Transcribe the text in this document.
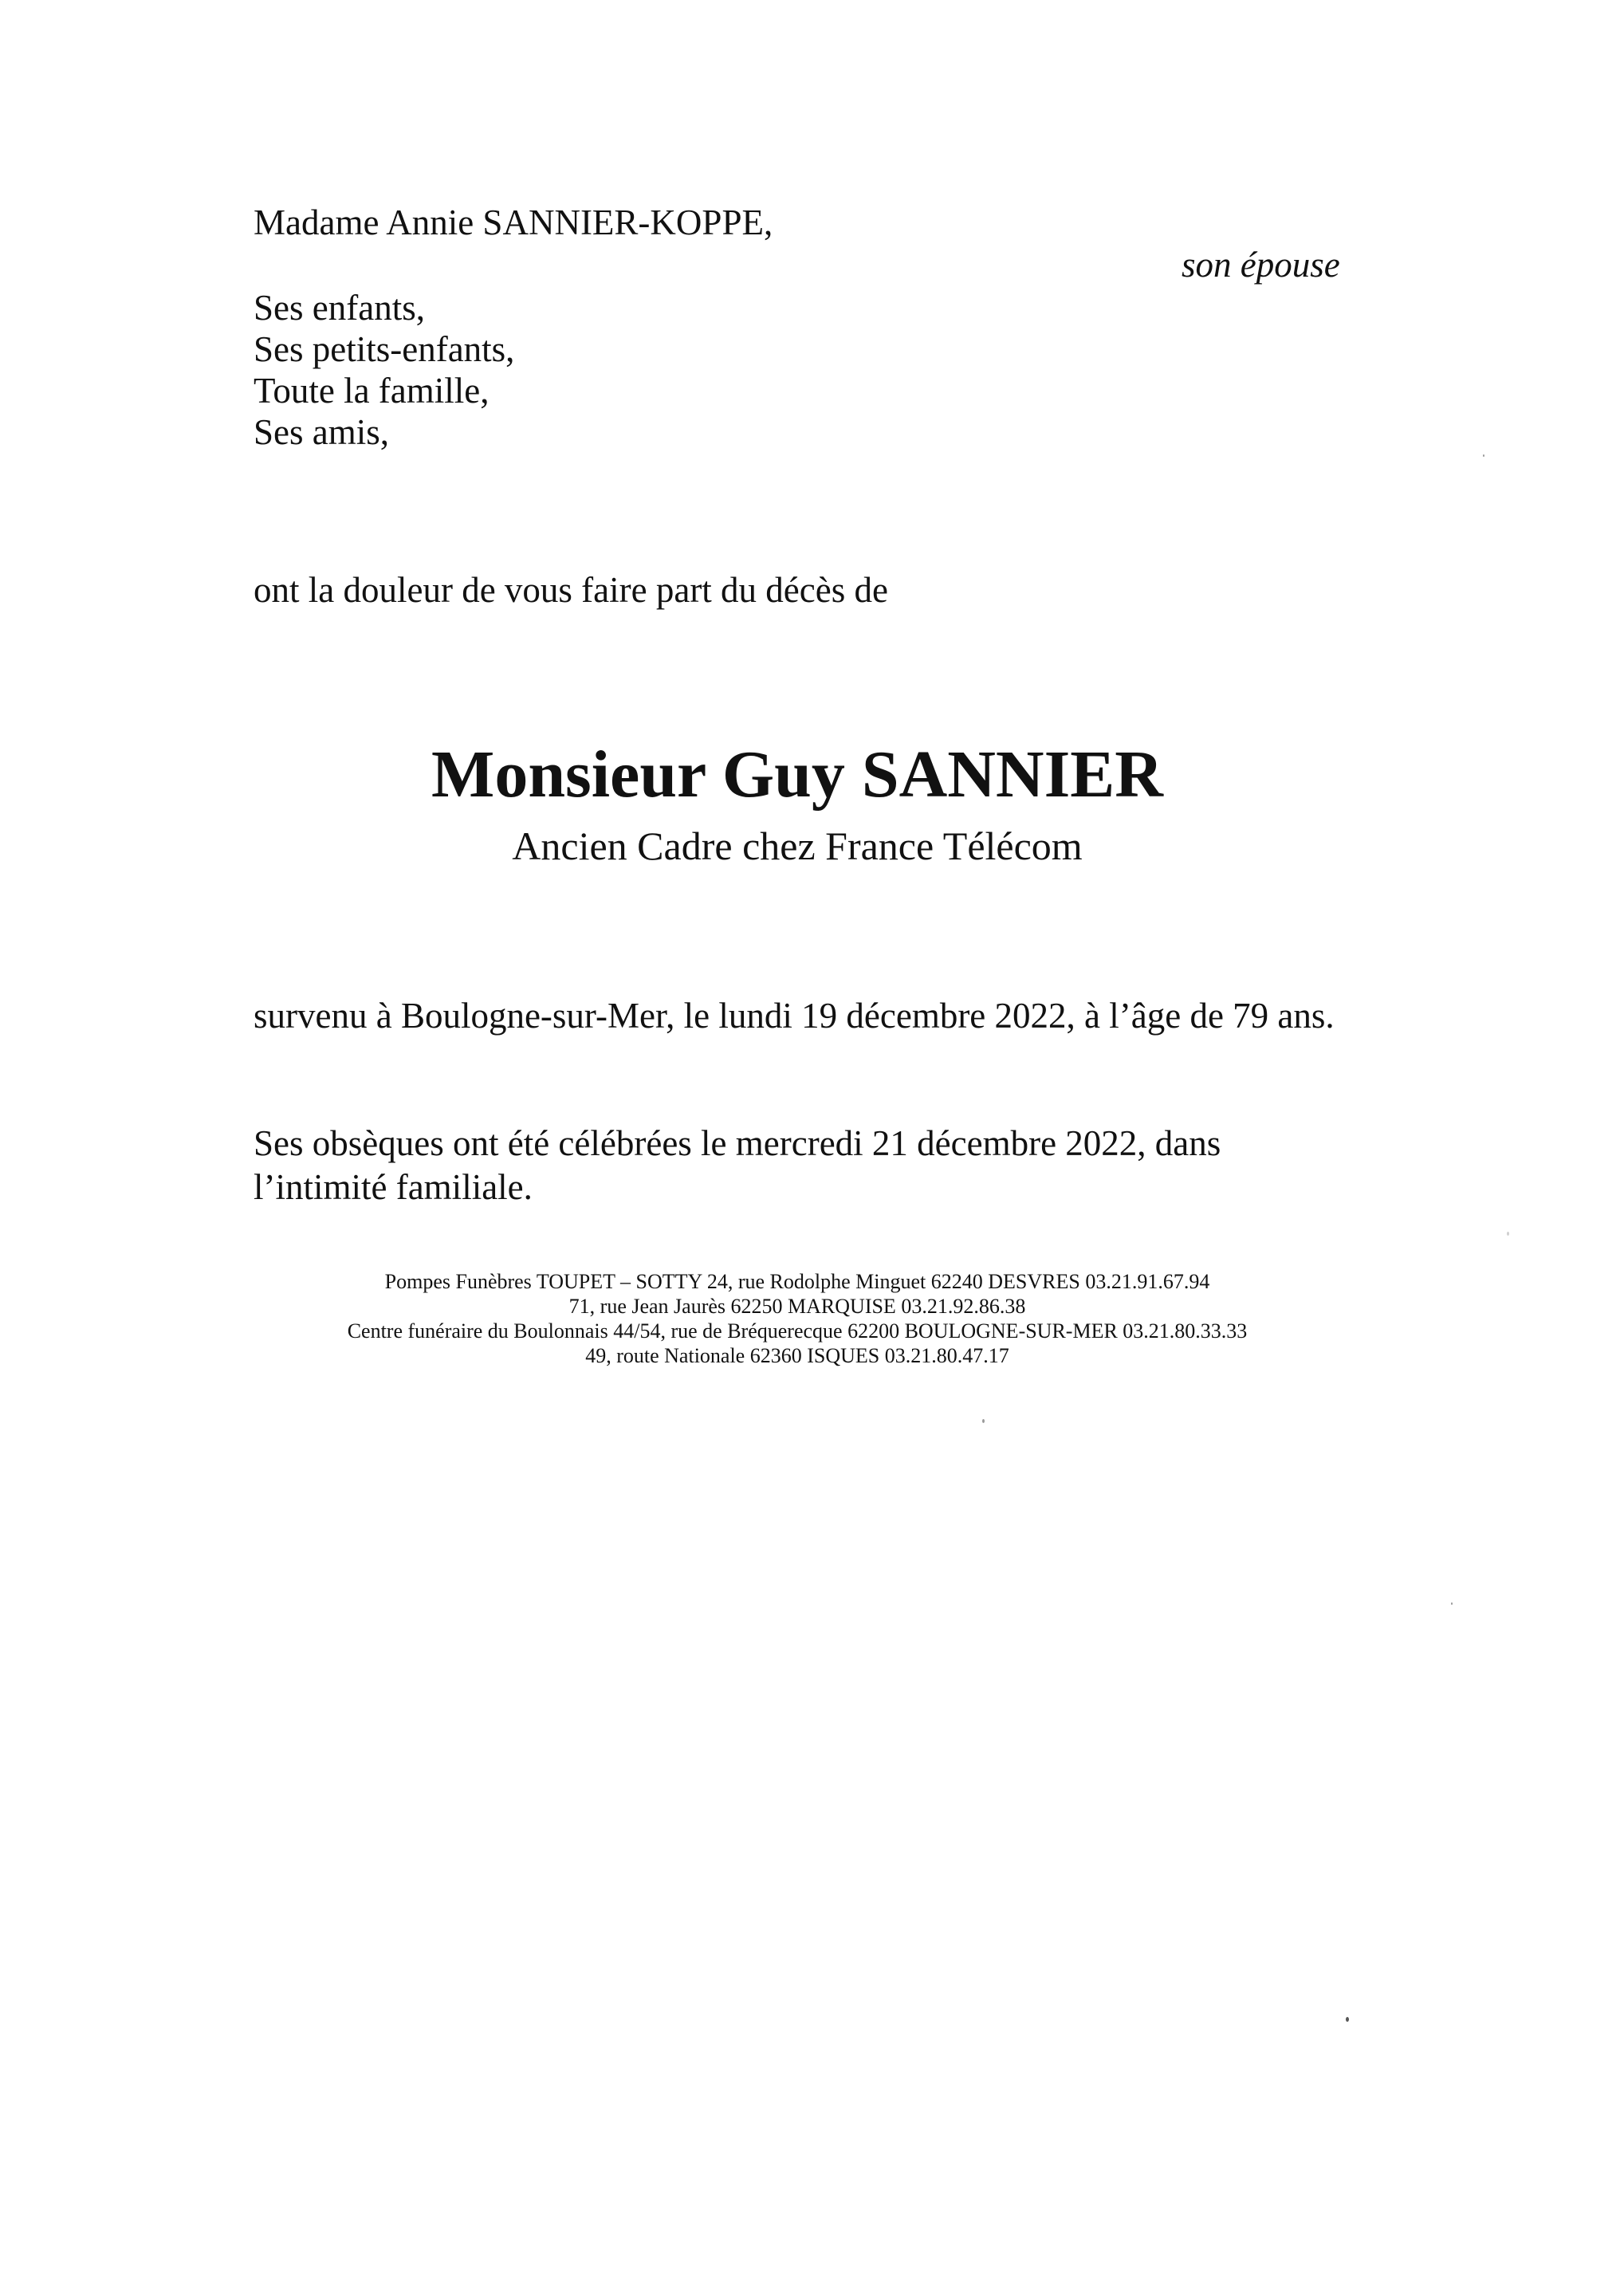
Madame Annie SANNIER-KOPPE,
son épouse
Ses enfants,
Ses petits-enfants,
Toute la famille,
Ses amis,
ont la douleur de vous faire part du décès de
Monsieur Guy SANNIER
Ancien Cadre chez France Télécom
survenu à Boulogne-sur-Mer, le lundi 19 décembre 2022, à l’âge de 79 ans.
Ses obsèques ont été célébrées le mercredi 21 décembre 2022, dans
l’intimité familiale.
Pompes Funèbres TOUPET – SOTTY 24, rue Rodolphe Minguet 62240 DESVRES 03.21.91.67.94
71, rue Jean Jaurès 62250 MARQUISE 03.21.92.86.38
Centre funéraire du Boulonnais 44/54, rue de Bréquerecque 62200 BOULOGNE-SUR-MER 03.21.80.33.33
49, route Nationale 62360 ISQUES 03.21.80.47.17
